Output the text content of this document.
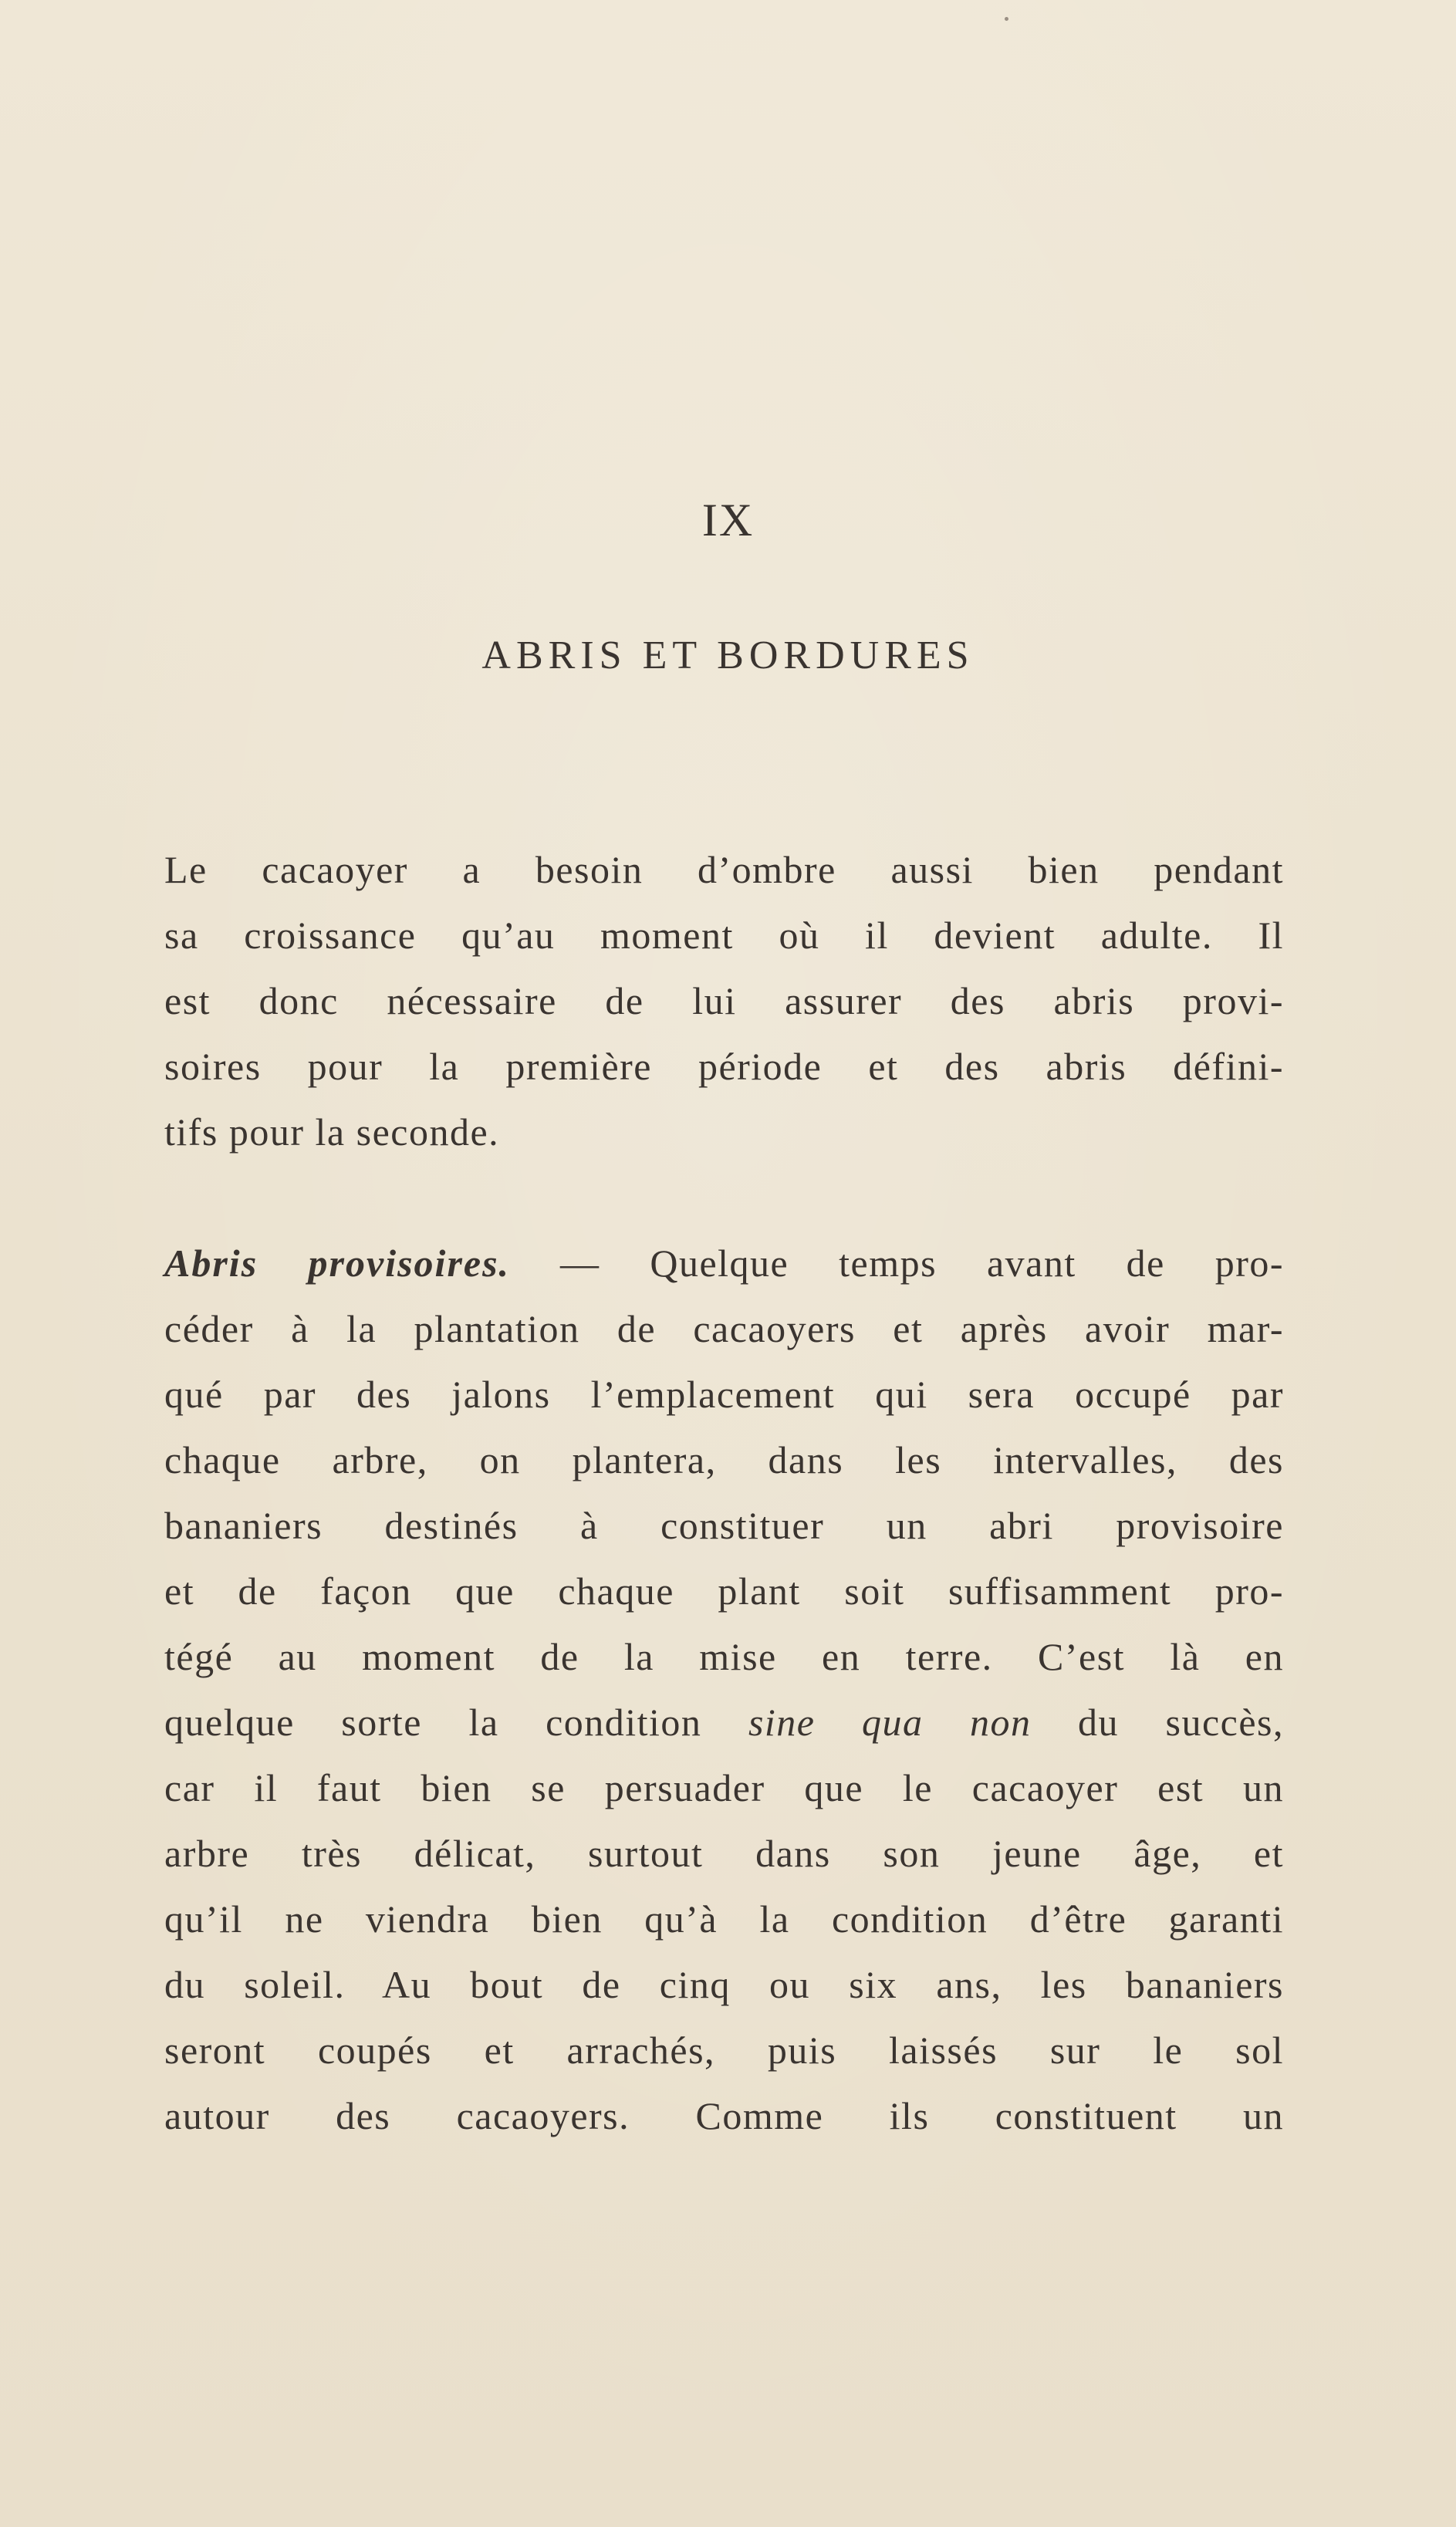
IX
ABRIS ET BORDURES
Le cacaoyer a besoin d’ombre aussi bien pendant
sa croissance qu’au moment où il devient adulte. Il
est donc nécessaire de lui assurer des abris provi-
soires pour la première période et des abris défini-
tifs pour la seconde.
Abris provisoires. — Quelque temps avant de pro-
céder à la plantation de cacaoyers et après avoir mar-
qué par des jalons l’emplacement qui sera occupé par
chaque arbre, on plantera, dans les intervalles, des
bananiers destinés à constituer un abri provisoire
et de façon que chaque plant soit suffisamment pro-
tégé au moment de la mise en terre. C’est là en
quelque sorte la condition sine qua non du succès,
car il faut bien se persuader que le cacaoyer est un
arbre très délicat, surtout dans son jeune âge, et
qu’il ne viendra bien qu’à la condition d’être garanti
du soleil. Au bout de cinq ou six ans, les bananiers
seront coupés et arrachés, puis laissés sur le sol
autour des cacaoyers. Comme ils constituent un
